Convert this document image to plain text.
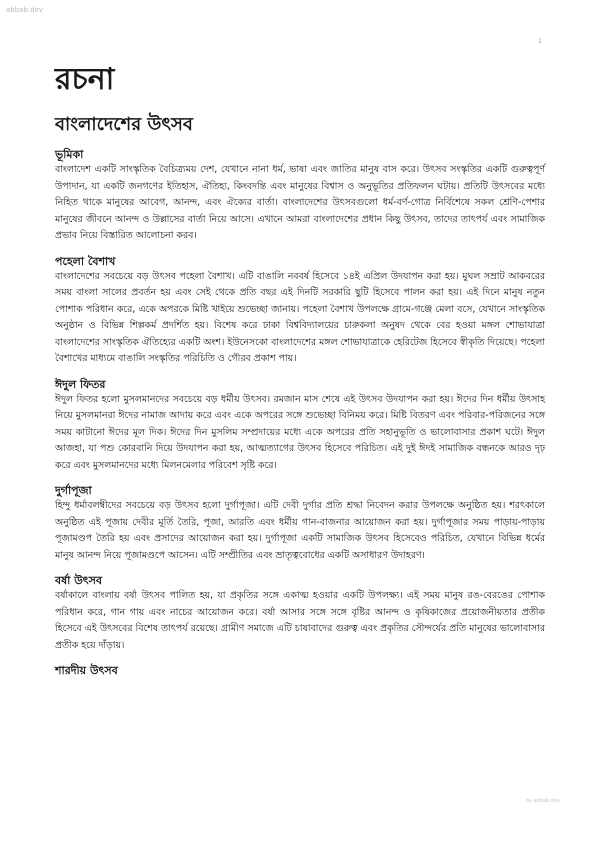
abbab.dev
1
রচনা
বাংলাদেশের উৎসব

ভূমিকা

বাংলাদেশ একটি সাংস্কৃতিক বৈচিত্র্যময় দেশ, যেখানে নানা ধর্ম, ভাষা এবং জাতির মানুষ বাস করে। উৎসব সংস্কৃতির একটি গুরুত্বপূর্ণ উপাদান, যা একটি জনগণের ইতিহাস, ঐতিহ্য, কিংবদন্তি এবং মানুষের বিশ্বাস ও অনুভূতির প্রতিফলন ঘটায়। প্রতিটি উৎসবের মধ্যে নিহিত থাকে মানুষের আবেগ, আনন্দ, এবং ঐক্যের বার্তা। বাংলাদেশের উৎসবগুলো ধর্ম-বর্ণ-গোত্র নির্বিশেষে সকল শ্রেণি-পেশার মানুষের জীবনে আনন্দ ও উল্লাসের বার্তা নিয়ে আসে। এখানে আমরা বাংলাদেশের প্রধান কিছু উৎসব, তাদের তাৎপর্য এবং সামাজিক প্রভাব নিয়ে বিস্তারিত আলোচনা করব।

পহেলা বৈশাখ

বাংলাদেশের সবচেয়ে বড় উৎসব পহেলা বৈশাখ। এটি বাঙালি নববর্ষ হিসেবে ১৪ই এপ্রিল উদযাপন করা হয়। মুঘল সম্রাট আকবরের সময় বাংলা সালের প্রবর্তন হয় এবং সেই থেকে প্রতি বছর এই দিনটি সরকারি ছুটি হিসেবে পালন করা হয়। এই দিনে মানুষ নতুন পোশাক পরিধান করে, একে অপরকে মিষ্টি খাইয়ে শুভেচ্ছা জানায়। পহেলা বৈশাখ উপলক্ষে গ্রামে-গঞ্জে মেলা বসে, যেখানে সাংস্কৃতিক অনুষ্ঠান ও বিভিন্ন শিল্পকর্ম প্রদর্শিত হয়। বিশেষ করে ঢাকা বিশ্ববিদ্যালয়ের চারুকলা অনুষদ থেকে বের হওয়া মঙ্গল শোভাযাত্রা বাংলাদেশের সাংস্কৃতিক ঐতিহ্যের একটি অংশ। ইউনেসকো বাংলাদেশের মঙ্গল শোভাযাত্রাকে হেরিটেজ হিসেবে স্বীকৃতি দিয়েছে। পহেলা বৈশাখের মাধ্যমে বাঙালি সংস্কৃতির পরিচিতি ও গৌরব প্রকাশ পায়।

ঈদুল ফিতর

ঈদুল ফিতর হলো মুসলমানদের সবচেয়ে বড় ধর্মীয় উৎসব। রমজান মাস শেষে এই উৎসব উদযাপন করা হয়। ঈদের দিন ধর্মীয় উৎসাহ নিয়ে মুসলমানরা ঈদের নামাজ আদায় করে এবং একে অপরের সঙ্গে শুভেচ্ছা বিনিময় করে। মিষ্টি বিতরণ এবং পরিবার-পরিজনের সঙ্গে সময় কাটানো ঈদের মূল দিক। ঈদের দিন মুসলিম সম্প্রদায়ের মধ্যে একে অপরের প্রতি সহানুভূতি ও ভালোবাসার প্রকাশ ঘটে। ঈদুল আজহা, যা পশু কোরবানি দিয়ে উদযাপন করা হয়, আত্মত্যাগের উৎসব হিসেবে পরিচিত। এই দুই ঈদই সামাজিক বন্ধনকে আরও দৃঢ় করে এবং মুসলমানদের মধ্যে মিলনমেলার পরিবেশ সৃষ্টি করে।

দুর্গাপূজা

হিন্দু ধর্মাবলম্বীদের সবচেয়ে বড় উৎসব হলো দুর্গাপূজা। এটি দেবী দুর্গার প্রতি শ্রদ্ধা নিবেদন করার উপলক্ষে অনুষ্ঠিত হয়। শরৎকালে অনুষ্ঠিত এই পূজায় দেবীর মূর্তি তৈরি, পূজা, আরতি এবং ধর্মীয় গান-বাজনার আয়োজন করা হয়। দুর্গাপূজার সময় পাড়ায়-পাড়ায় পূজামণ্ডপ তৈরি হয় এবং প্রসাদের আয়োজন করা হয়। দুর্গাপূজা একটি সামাজিক উৎসব হিসেবেও পরিচিত, যেখানে বিভিন্ন ধর্মের মানুষ আনন্দ নিয়ে পূজামণ্ডপে আসেন। এটি সম্প্রীতির এবং ভ্রাতৃত্ববোধের একটি অসাধারণ উদাহরণ।

বর্ষা উৎসব

বর্ষাকালে বাংলায় বর্ষা উৎসব পালিত হয়, যা প্রকৃতির সঙ্গে একাত্ম হওয়ার একটি উপলক্ষ্য। এই সময় মানুষ রঙ-বেরঙের পোশাক পরিধান করে, গান গায় এবং নাচের আয়োজন করে। বর্ষা আসার সঙ্গে সঙ্গে বৃষ্টির আনন্দ ও কৃষিকাজের প্রয়োজনীয়তার প্রতীক হিসেবে এই উৎসবের বিশেষ তাৎপর্য রয়েছে। গ্রামীণ সমাজে এটি চাষাবাদের গুরুত্ব এবং প্রকৃতির সৌন্দর্যের প্রতি মানুষের ভালোবাসার প্রতীক হয়ে দাঁড়ায়।

শারদীয় উৎসব

by abbab.dev
